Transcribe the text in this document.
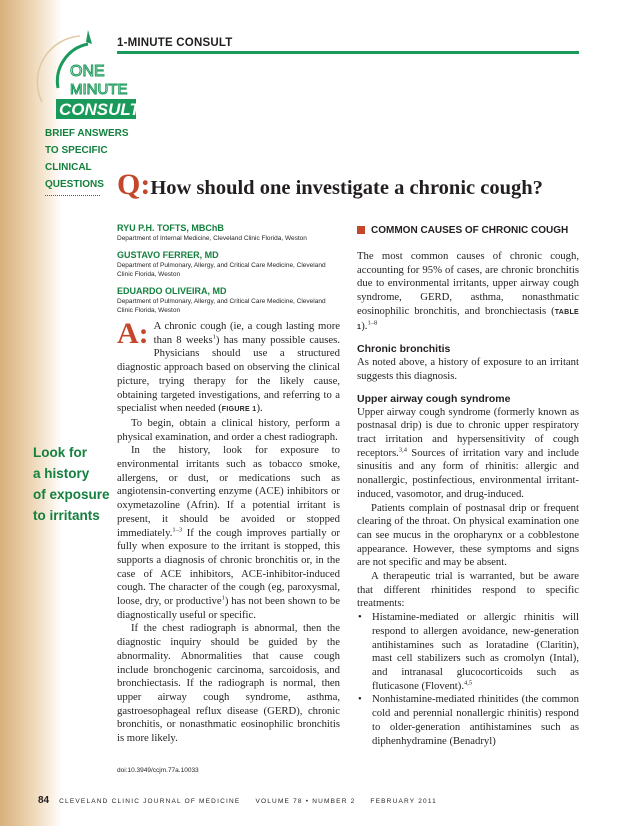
ONE
MINUTE
CONSULT
1-MINUTE CONSULT
BRIEF ANSWERS
TO SPECIFIC
CLINICAL
QUESTIONS Q:How should one investigate a chronic cough?
RYU P.H. TOFTS, MBChB
Department of Internal Medicine, Cleveland Clinic Florida, Weston
GUSTAVO FERRER, MD
Department of Pulmonary, Allergy, and Critical Care Medicine, Cleveland Clinic Florida, Weston
EDUARDO OLIVEIRA, MD
Department of Pulmonary, Allergy, and Critical Care Medicine, Cleveland Clinic Florida, Weston
Look for
a history
of exposure
to irritants

A: A chronic cough (ie, a cough lasting more than 8 weeks$^1$) has many possible causes. Physicians should use a structured diagnostic approach based on observing the clinical picture, trying therapy for the likely cause, obtaining targeted investigations, and referring to a specialist when needed (FIGURE 1).

To begin, obtain a clinical history, perform a physical examination, and order a chest radiograph.

In the history, look for exposure to environmental irritants such as tobacco smoke, allergens, or dust, or medications such as angiotensin-converting enzyme (ACE) inhibitors or oxymetazoline (Afrin). If a potential irritant is present, it should be avoided or stopped immediately.$^{1-3}$ If the cough improves partially or fully when exposure to the irritant is stopped, this supports a diagnosis of chronic bronchitis or, in the case of ACE inhibitors, ACE-inhibitor-induced cough. The character of the cough (eg, paroxysmal, loose, dry, or productive$^1$) has not been shown to be diagnostically useful or specific.

If the chest radiograph is abnormal, then the diagnostic inquiry should be guided by the abnormality. Abnormalities that cause cough include bronchogenic carcinoma, sarcoidosis, and bronchiectasis. If the radiograph is normal, then upper airway cough syndrome, asthma, gastroesophageal reflux disease (GERD), chronic bronchitis, or nonasthmatic eosinophilic bronchitis is more likely.

COMMON CAUSES OF CHRONIC COUGH

The most common causes of chronic cough, accounting for 95% of cases, are chronic bronchitis due to environmental irritants, upper airway cough syndrome, GERD, asthma, nonasthmatic eosinophilic bronchitis, and bronchiectasis (TABLE 1).$^{1-8}$

Chronic bronchitis

As noted above, a history of exposure to an irritant suggests this diagnosis.

Upper airway cough syndrome

Upper airway cough syndrome (formerly known as postnasal drip) is due to chronic upper respiratory tract irritation and hypersensitivity of cough receptors.$^{3,4}$ Sources of irritation vary and include sinusitis and any form of rhinitis: allergic and nonallergic, postinfectious, environmental irritant-induced, vasomotor, and drug-induced.

Patients complain of postnasal drip or frequent clearing of the throat. On physical examination one can see mucus in the oropharynx or a cobblestone appearance. However, these symptoms and signs are not specific and may be absent.

A therapeutic trial is warranted, but be aware that different rhinitides respond to specific treatments:

• Histamine-mediated or allergic rhinitis will respond to allergen avoidance, new-generation antihistamines such as loratadine (Claritin), mast cell stabilizers such as cromolyn (Intal), and intranasal glucocorticoids such as fluticasone (Flovent).$^{4,5}$
• Nonhistamine-mediated rhinitides (the common cold and perennial nonallergic rhinitis) respond to older-generation antihistamines such as diphenhydramine (Benadryl)
doi:10.3949/ccjm.77a.10033
84 CLEVELAND CLINIC JOURNAL OF MEDICINE     VOLUME 78 • NUMBER 2     FEBRUARY 2011
